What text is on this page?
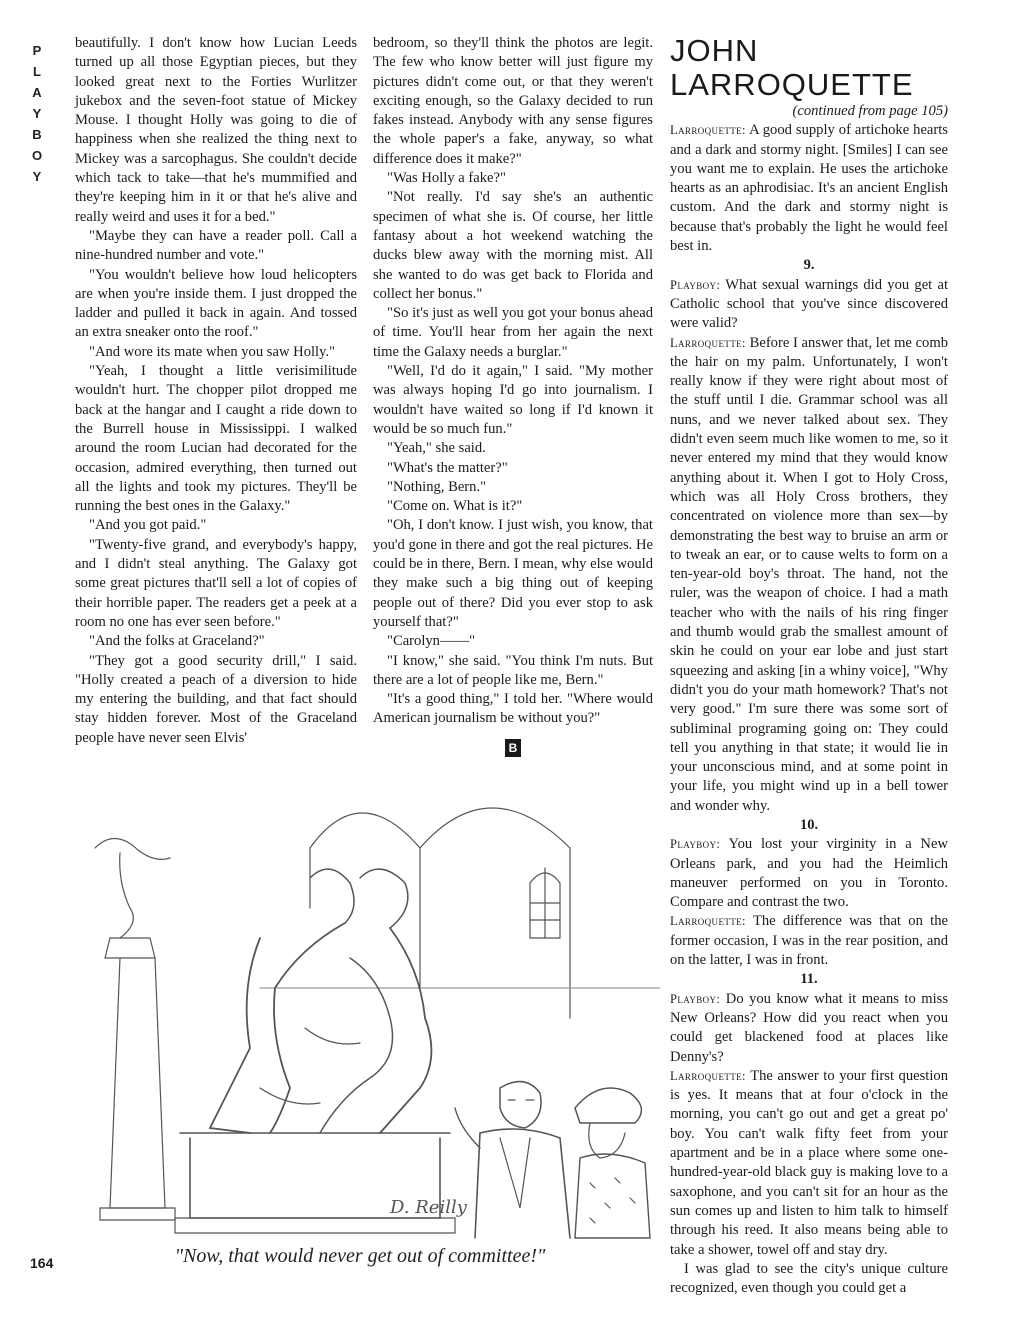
P
L
A
Y
B
O
Y

beautifully. I don't know how Lucian Leeds turned up all those Egyptian pieces, but they looked great next to the Forties Wurlitzer jukebox and the seven-foot statue of Mickey Mouse. I thought Holly was going to die of happiness when she realized the thing next to Mickey was a sarcophagus. She couldn't decide which tack to take—that he's mummified and they're keeping him in it or that he's alive and really weird and uses it for a bed."

"Maybe they can have a reader poll. Call a nine-hundred number and vote."

"You wouldn't believe how loud helicopters are when you're inside them. I just dropped the ladder and pulled it back in again. And tossed an extra sneaker onto the roof."

"And wore its mate when you saw Holly."

"Yeah, I thought a little verisimilitude wouldn't hurt. The chopper pilot dropped me back at the hangar and I caught a ride down to the Burrell house in Mississippi. I walked around the room Lucian had decorated for the occasion, admired everything, then turned out all the lights and took my pictures. They'll be running the best ones in the Galaxy."

"And you got paid."

"Twenty-five grand, and everybody's happy, and I didn't steal anything. The Galaxy got some great pictures that'll sell a lot of copies of their horrible paper. The readers get a peek at a room no one has ever seen before."

"And the folks at Graceland?"

"They got a good security drill," I said. "Holly created a peach of a diversion to hide my entering the building, and that fact should stay hidden forever. Most of the Graceland people have never seen Elvis'

bedroom, so they'll think the photos are legit. The few who know better will just figure my pictures didn't come out, or that they weren't exciting enough, so the Galaxy decided to run fakes instead. Anybody with any sense figures the whole paper's a fake, anyway, so what difference does it make?"

"Was Holly a fake?"

"Not really. I'd say she's an authentic specimen of what she is. Of course, her little fantasy about a hot weekend watching the ducks blew away with the morning mist. All she wanted to do was get back to Florida and collect her bonus."

"So it's just as well you got your bonus ahead of time. You'll hear from her again the next time the Galaxy needs a burglar."

"Well, I'd do it again," I said. "My mother was always hoping I'd go into journalism. I wouldn't have waited so long if I'd known it would be so much fun."

"Yeah," she said.

"What's the matter?"

"Nothing, Bern."

"Come on. What is it?"

"Oh, I don't know. I just wish, you know, that you'd gone in there and got the real pictures. He could be in there, Bern. I mean, why else would they make such a big thing out of keeping people out of there? Did you ever stop to ask yourself that?"

"Carolyn——"

"I know," she said. "You think I'm nuts. But there are a lot of people like me, Bern."

"It's a good thing," I told her. "Where would American journalism be without you?"

B
JOHN LARROQUETTE

(continued from page 105)

Larroquette: A good supply of artichoke hearts and a dark and stormy night. [Smiles] I can see you want me to explain. He uses the artichoke hearts as an aphrodisiac. It's an ancient English custom. And the dark and stormy night is because that's probably the light he would feel best in.

9.

Playboy: What sexual warnings did you get at Catholic school that you've since discovered were valid?

Larroquette: Before I answer that, let me comb the hair on my palm. Unfortunately, I won't really know if they were right about most of the stuff until I die. Grammar school was all nuns, and we never talked about sex. They didn't even seem much like women to me, so it never entered my mind that they would know anything about it. When I got to Holy Cross, which was all Holy Cross brothers, they concentrated on violence more than sex—by demonstrating the best way to bruise an arm or to tweak an ear, or to cause welts to form on a ten-year-old boy's throat. The hand, not the ruler, was the weapon of choice. I had a math teacher who with the nails of his ring finger and thumb would grab the smallest amount of skin he could on your ear lobe and just start squeezing and asking [in a whiny voice], "Why didn't you do your math homework? That's not very good." I'm sure there was some sort of subliminal programing going on: They could tell you anything in that state; it would lie in your unconscious mind, and at some point in your life, you might wind up in a bell tower and wonder why.

10.

Playboy: You lost your virginity in a New Orleans park, and you had the Heimlich maneuver performed on you in Toronto. Compare and contrast the two.

Larroquette: The difference was that on the former occasion, I was in the rear position, and on the latter, I was in front.

11.

Playboy: Do you know what it means to miss New Orleans? How did you react when you could get blackened food at places like Denny's?

Larroquette: The answer to your first question is yes. It means that at four o'clock in the morning, you can't go out and get a great po' boy. You can't walk fifty feet from your apartment and be in a place where some one-hundred-year-old black guy is making love to a saxophone, and you can't sit for an hour as the sun comes up and listen to him talk to himself through his reed. It also means being able to take a shower, towel off and stay dry.

I was glad to see the city's unique culture recognized, even though you could get a

D. Reilly
"Now, that would never get out of committee!"
164
